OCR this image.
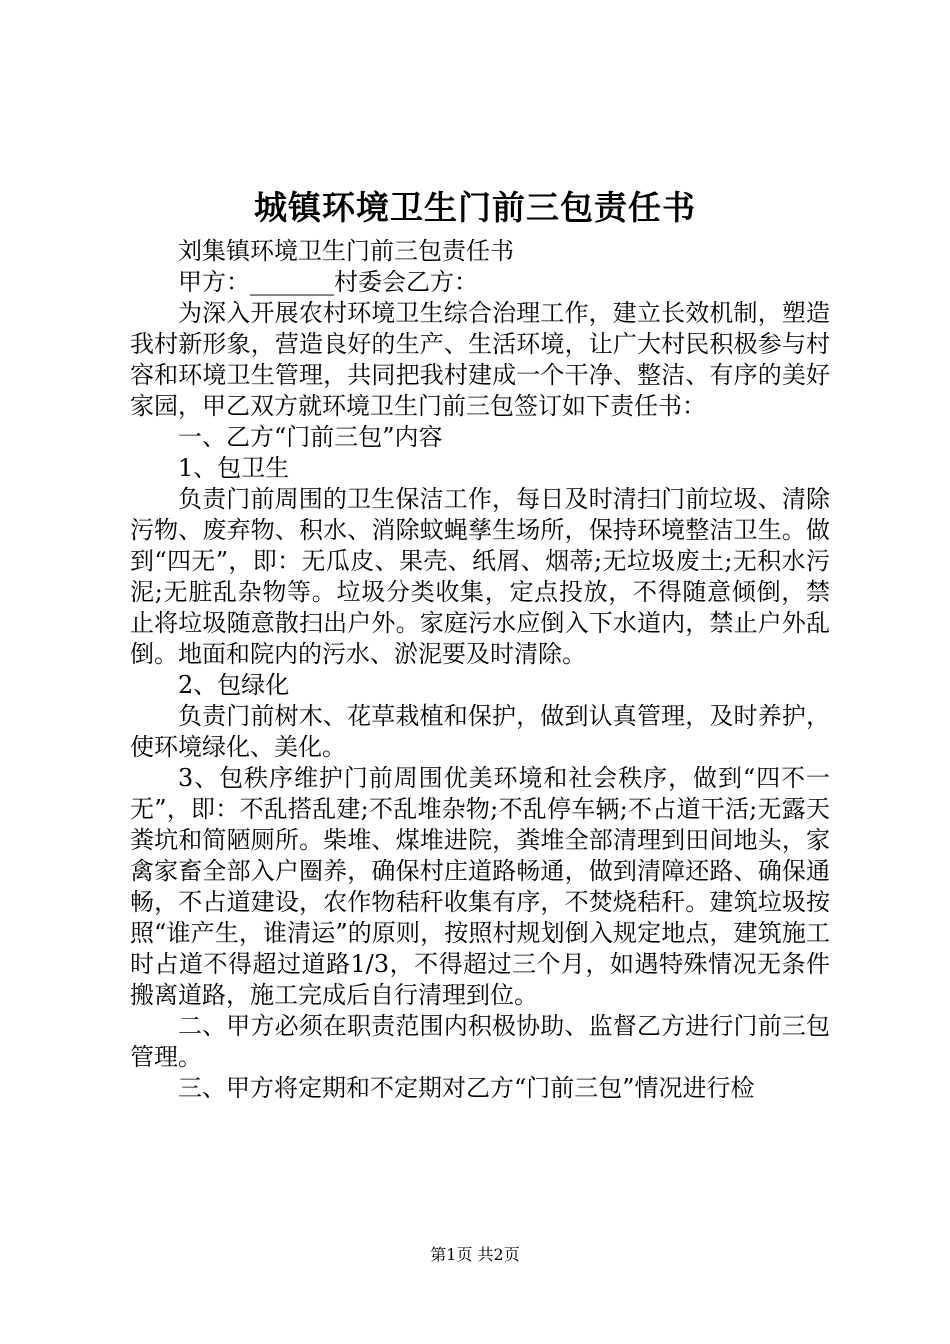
城镇环境卫生门前三包责任书

刘集镇环境卫生门前三包责任书

甲方：_______村委会乙方：

为深入开展农村环境卫生综合治理工作，建立长效机制，塑造我村新形象，营造良好的生产、生活环境，让广大村民积极参与村容和环境卫生管理，共同把我村建成一个干净、整洁、有序的美好家园，甲乙双方就环境卫生门前三包签订如下责任书：

一、乙方“门前三包”内容

1、包卫生

负责门前周围的卫生保洁工作，每日及时清扫门前垃圾、清除污物、废弃物、积水、消除蚊蝇孳生场所，保持环境整洁卫生。做到“四无”，即：无瓜皮、果壳、纸屑、烟蒂;无垃圾废土;无积水污泥;无脏乱杂物等。垃圾分类收集，定点投放，不得随意倾倒，禁止将垃圾随意散扫出户外。家庭污水应倒入下水道内，禁止户外乱倒。地面和院内的污水、淤泥要及时清除。

2、包绿化

负责门前树木、花草栽植和保护，做到认真管理，及时养护，使环境绿化、美化。

3、包秩序维护门前周围优美环境和社会秩序，做到“四不一无”，即：不乱搭乱建;不乱堆杂物;不乱停车辆;不占道干活;无露天粪坑和简陋厕所。柴堆、煤堆进院，粪堆全部清理到田间地头，家禽家畜全部入户圈养，确保村庄道路畅通，做到清障还路、确保通畅，不占道建设，农作物秸秆收集有序，不焚烧秸秆。建筑垃圾按照“谁产生，谁清运”的原则，按照村规划倒入规定地点，建筑施工时占道不得超过道路1/3，不得超过三个月，如遇特殊情况无条件搬离道路，施工完成后自行清理到位。

二、甲方必须在职责范围内积极协助、监督乙方进行门前三包管理。

三、甲方将定期和不定期对乙方“门前三包”情况进行检

第1页 共2页
